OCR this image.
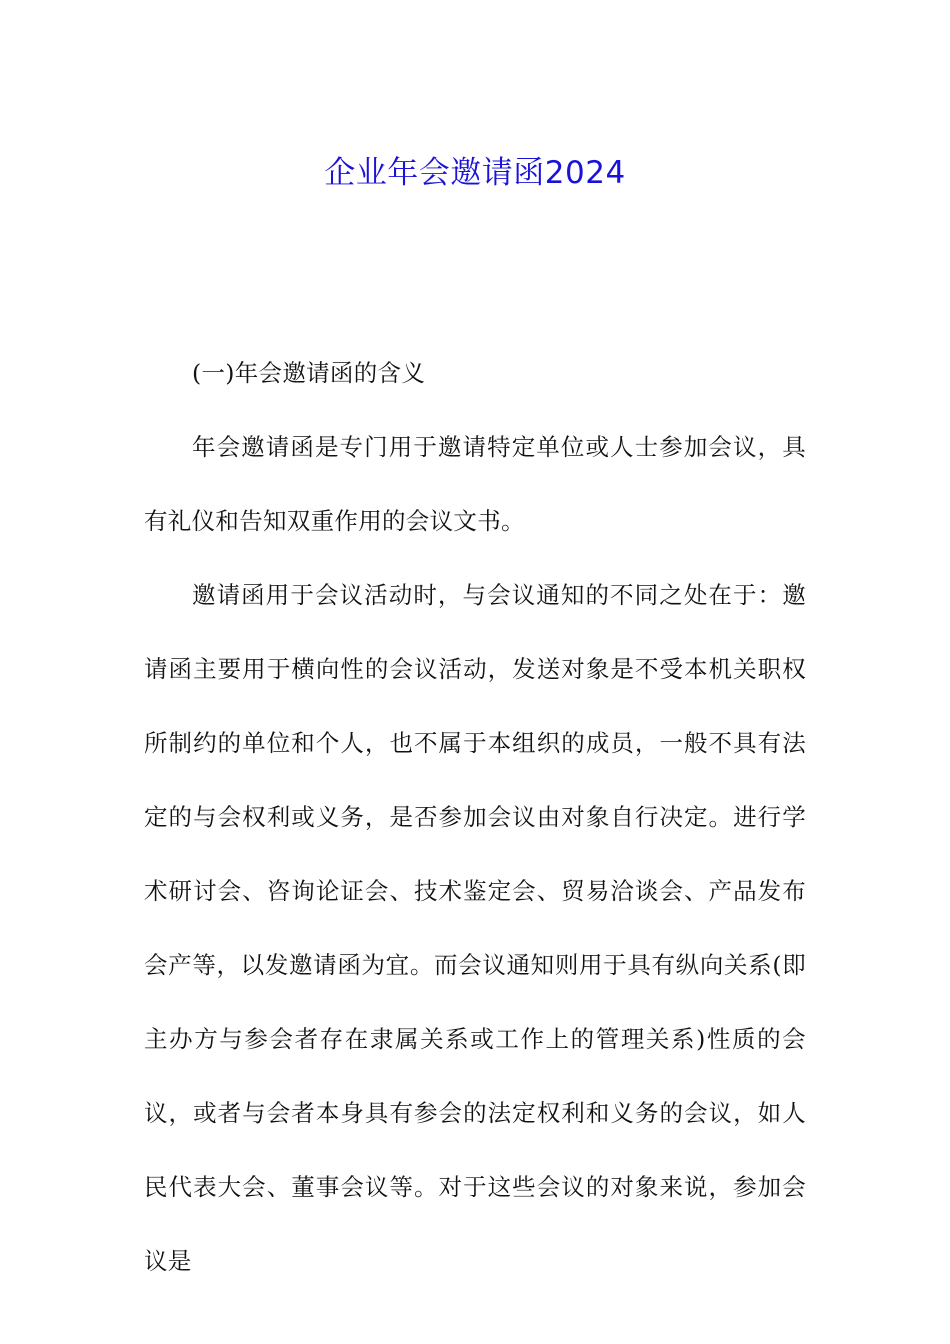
企业年会邀请函2024

(一)年会邀请函的含义

年会邀请函是专门用于邀请特定单位或人士参加会议，具有礼仪和告知双重作用的会议文书。

邀请函用于会议活动时，与会议通知的不同之处在于：邀请函主要用于横向性的会议活动，发送对象是不受本机关职权所制约的单位和个人，也不属于本组织的成员，一般不具有法定的与会权利或义务，是否参加会议由对象自行决定。进行学术研讨会、咨询论证会、技术鉴定会、贸易洽谈会、产品发布会产等，以发邀请函为宜。而会议通知则用于具有纵向关系(即主办方与参会者存在隶属关系或工作上的管理关系)性质的会议，或者与会者本身具有参会的法定权利和义务的会议，如人民代表大会、董事会议等。对于这些会议的对象来说，参加会议是
